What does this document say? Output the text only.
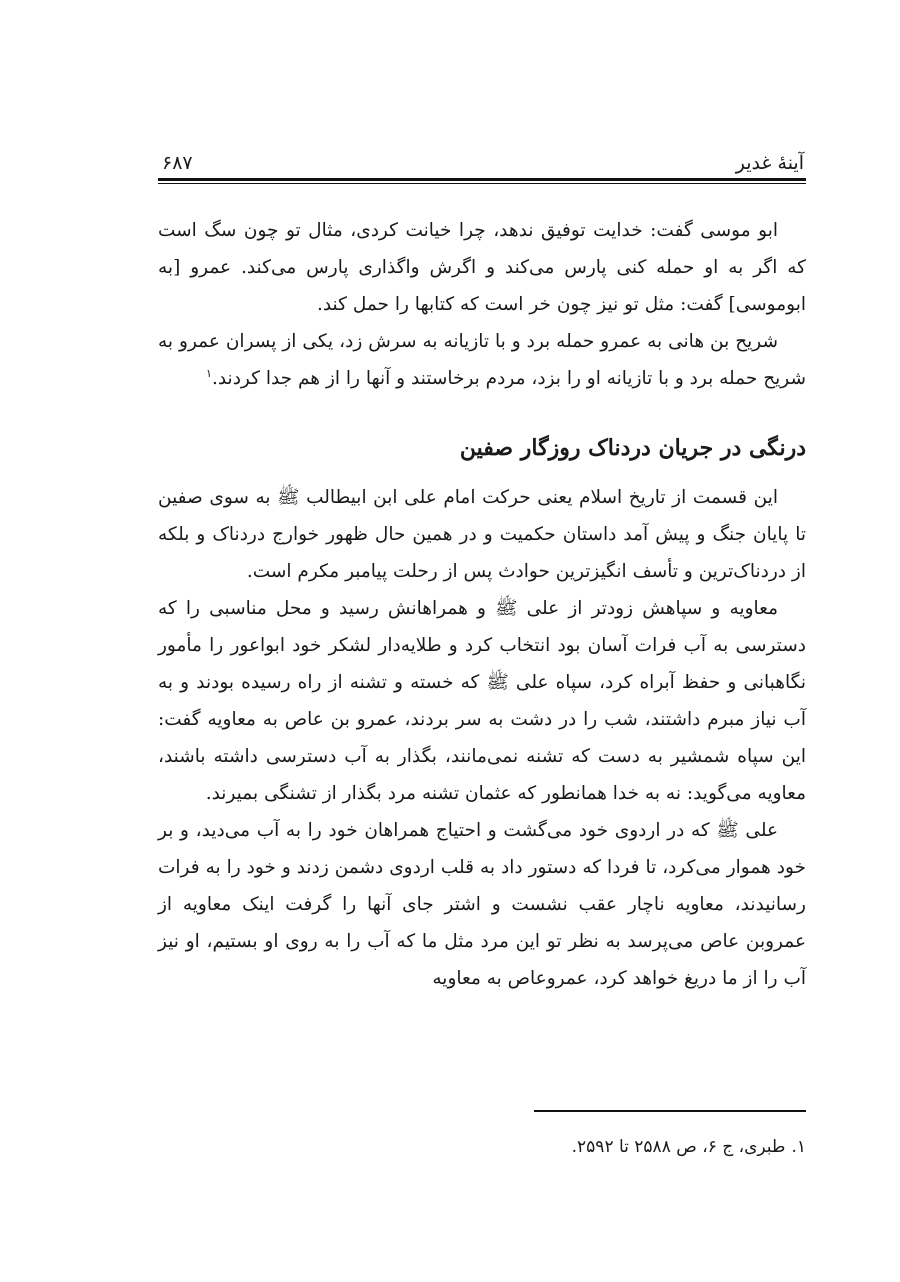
آینهٔ غدیر
۶۸۷

ابو موسی گفت: خدایت توفیق ندهد، چرا خیانت کردی، مثال تو چون سگ است که اگر به او حمله کنی پارس می‌کند و اگرش واگذاری پارس می‌کند. عمرو [به ابوموسی] گفت: مثل تو نیز چون خر است که کتابها را حمل کند.

شریح بن هانی به عمرو حمله برد و با تازیانه به سرش زد، یکی از پسران عمرو به شریح حمله برد و با تازیانه او را بزد، مردم برخاستند و آنها را از هم جدا کردند.$^۱$

درنگی در جریان دردناک روزگار صفین

این قسمت از تاریخ اسلام یعنی حرکت امام علی ابن ابیطالب ﷺ به سوی صفین تا پایان جنگ و پیش آمد داستان حکمیت و در همین حال ظهور خوارج دردناک و بلکه از دردناک‌ترین و تأسف انگیزترین حوادث پس از رحلت پیامبر مکرم است.

معاویه و سپاهش زودتر از علی ﷺ و همراهانش رسید و محل مناسبی را که دسترسی به آب فرات آسان بود انتخاب کرد و طلایه‌دار لشکر خود ابواعور را مأمور نگاهبانی و حفظ آبراه کرد، سپاه علی ﷺ که خسته و تشنه از راه رسیده بودند و به آب نیاز مبرم داشتند، شب را در دشت به سر بردند، عمرو بن عاص به معاویه گفت: این سپاه شمشیر به دست که تشنه نمی‌مانند، بگذار به آب دسترسی داشته باشند، معاویه می‌گوید: نه به خدا همانطور که عثمان تشنه مرد بگذار از تشنگی بمیرند.

علی ﷺ که در اردوی خود می‌گشت و احتیاج همراهان خود را به آب می‌دید، و بر خود هموار می‌کرد، تا فردا که دستور داد به قلب اردوی دشمن زدند و خود را به فرات رسانیدند، معاویه ناچار عقب نشست و اشتر جای آنها را گرفت اینک معاویه از عمروبن عاص می‌پرسد به نظر تو این مرد مثل ما که آب را به روی او بستیم، او نیز آب را از ما دریغ خواهد کرد، عمروعاص به معاویه

۱.طبری، ج ۶، ص ۲۵۸۸ تا ۲۵۹۲.
